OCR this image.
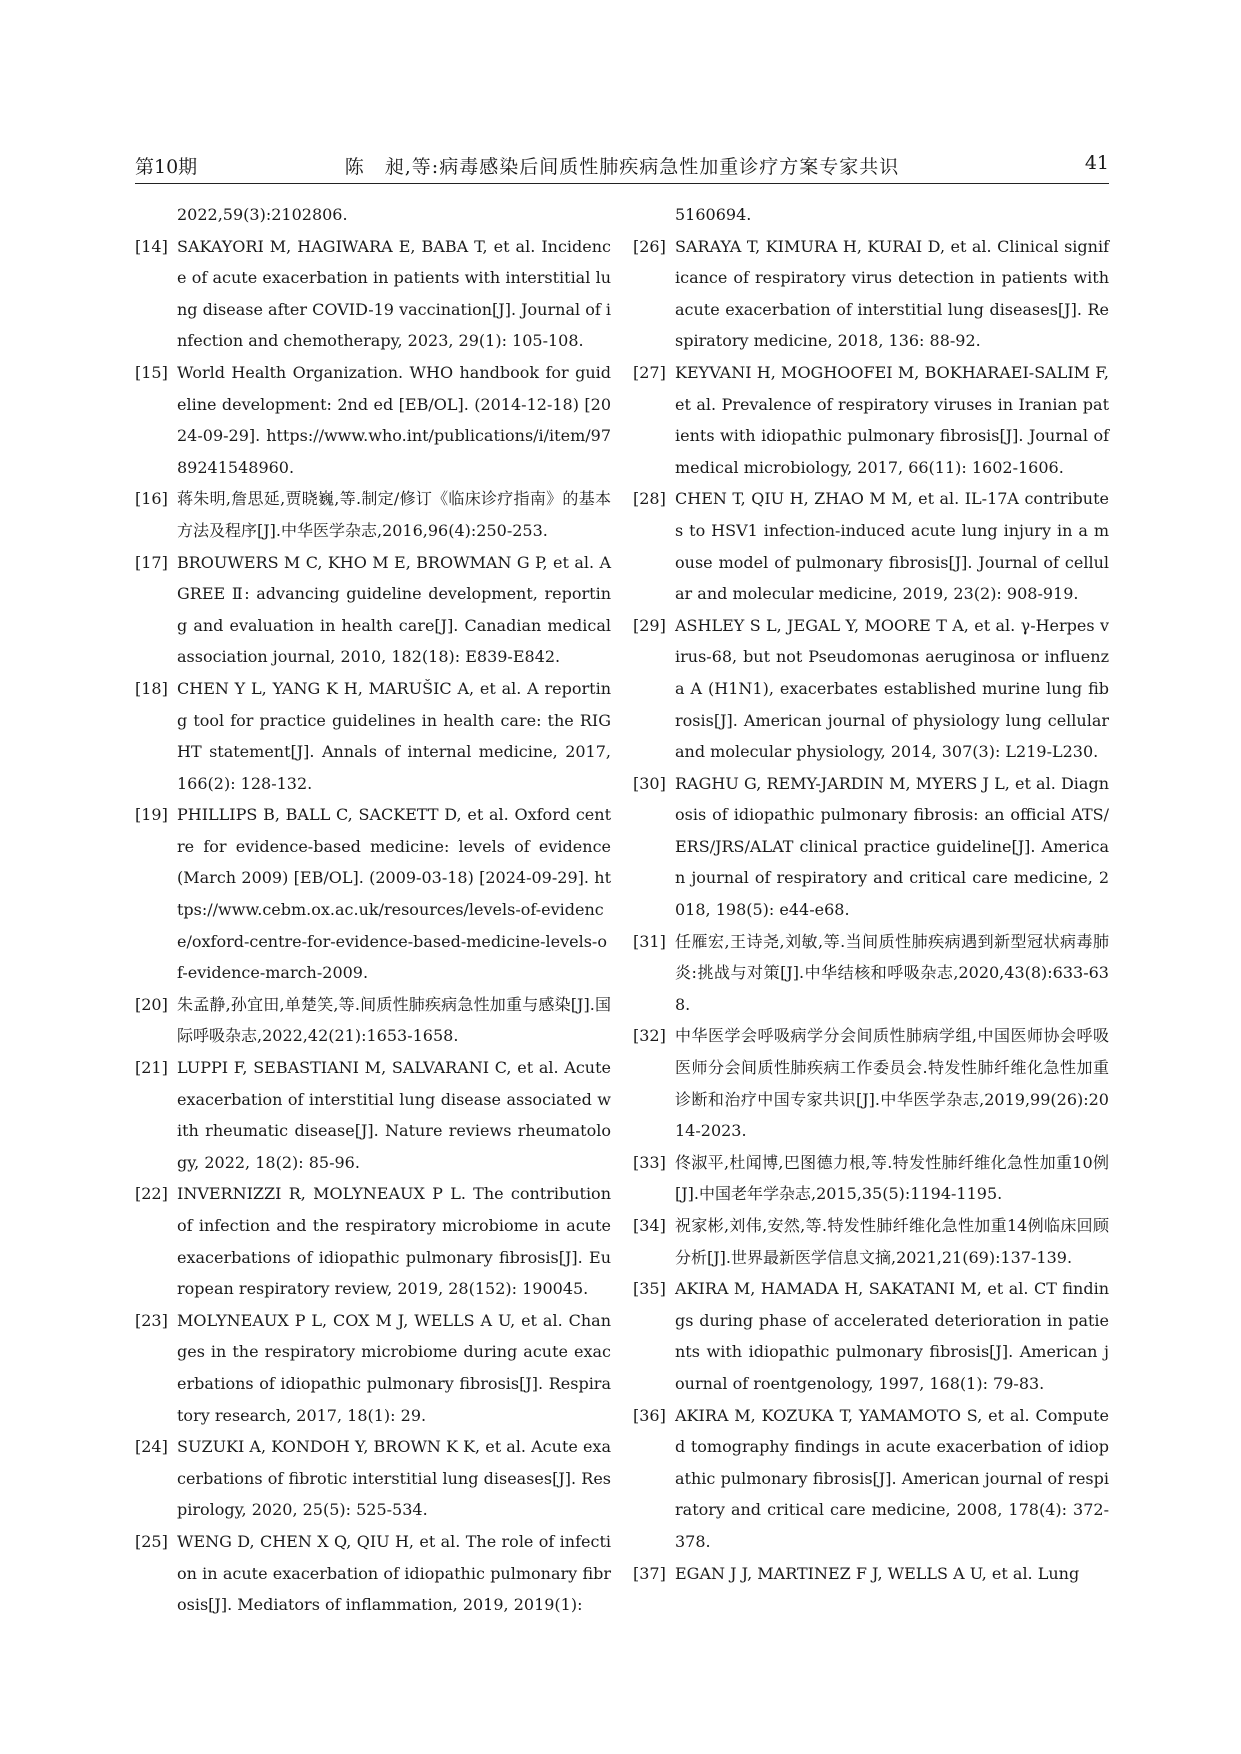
第10期	陈　昶,等:病毒感染后间质性肺疾病急性加重诊疗方案专家共识	41
2022,59(3):2102806.
[14] SAKAYORI M, HAGIWARA E, BABA T, et al. Incidence of acute exacerbation in patients with interstitial lung disease after COVID-19 vaccination[J]. Journal of infection and chemotherapy, 2023, 29(1): 105-108.
[15] World Health Organization. WHO handbook for guideline development: 2nd ed [EB/OL]. (2014-12-18) [2024-09-29]. https://www.who.int/publications/i/item/9789241548960.
[16] 蒋朱明,詹思延,贾晓巍,等.制定/修订《临床诊疗指南》的基本方法及程序[J].中华医学杂志,2016,96(4):250-253.
[17] BROUWERS M C, KHO M E, BROWMAN G P, et al. AGREE Ⅱ: advancing guideline development, reporting and evaluation in health care[J]. Canadian medical association journal, 2010, 182(18): E839-E842.
[18] CHEN Y L, YANG K H, MARUŠIC A, et al. A reporting tool for practice guidelines in health care: the RIGHT statement[J]. Annals of internal medicine, 2017, 166(2): 128-132.
[19] PHILLIPS B, BALL C, SACKETT D, et al. Oxford centre for evidence-based medicine: levels of evidence (March 2009) [EB/OL]. (2009-03-18) [2024-09-29]. https://www.cebm.ox.ac.uk/resources/levels-of-evidence/oxford-centre-for-evidence-based-medicine-levels-of-evidence-march-2009.
[20] 朱孟静,孙宜田,单楚笑,等.间质性肺疾病急性加重与感染[J].国际呼吸杂志,2022,42(21):1653-1658.
[21] LUPPI F, SEBASTIANI M, SALVARANI C, et al. Acute exacerbation of interstitial lung disease associated with rheumatic disease[J]. Nature reviews rheumatology, 2022, 18(2): 85-96.
[22] INVERNIZZI R, MOLYNEAUX P L. The contribution of infection and the respiratory microbiome in acute exacerbations of idiopathic pulmonary fibrosis[J]. European respiratory review, 2019, 28(152): 190045.
[23] MOLYNEAUX P L, COX M J, WELLS A U, et al. Changes in the respiratory microbiome during acute exacerbations of idiopathic pulmonary fibrosis[J]. Respiratory research, 2017, 18(1): 29.
[24] SUZUKI A, KONDOH Y, BROWN K K, et al. Acute exacerbations of fibrotic interstitial lung diseases[J]. Respirology, 2020, 25(5): 525-534.
[25] WENG D, CHEN X Q, QIU H, et al. The role of infection in acute exacerbation of idiopathic pulmonary fibrosis[J]. Mediators of inflammation, 2019, 2019(1):
5160694.
[26] SARAYA T, KIMURA H, KURAI D, et al. Clinical significance of respiratory virus detection in patients with acute exacerbation of interstitial lung diseases[J]. Respiratory medicine, 2018, 136: 88-92.
[27] KEYVANI H, MOGHOOFEI M, BOKHARAEI-SALIM F, et al. Prevalence of respiratory viruses in Iranian patients with idiopathic pulmonary fibrosis[J]. Journal of medical microbiology, 2017, 66(11): 1602-1606.
[28] CHEN T, QIU H, ZHAO M M, et al. IL-17A contributes to HSV1 infection-induced acute lung injury in a mouse model of pulmonary fibrosis[J]. Journal of cellular and molecular medicine, 2019, 23(2): 908-919.
[29] ASHLEY S L, JEGAL Y, MOORE T A, et al. γ-Herpes virus-68, but not Pseudomonas aeruginosa or influenza A (H1N1), exacerbates established murine lung fibrosis[J]. American journal of physiology lung cellular and molecular physiology, 2014, 307(3): L219-L230.
[30] RAGHU G, REMY-JARDIN M, MYERS J L, et al. Diagnosis of idiopathic pulmonary fibrosis: an official ATS/ERS/JRS/ALAT clinical practice guideline[J]. American journal of respiratory and critical care medicine, 2018, 198(5): e44-e68.
[31] 任雁宏,王诗尧,刘敏,等.当间质性肺疾病遇到新型冠状病毒肺炎:挑战与对策[J].中华结核和呼吸杂志,2020,43(8):633-638.
[32] 中华医学会呼吸病学分会间质性肺病学组,中国医师协会呼吸医师分会间质性肺疾病工作委员会.特发性肺纤维化急性加重诊断和治疗中国专家共识[J].中华医学杂志,2019,99(26):2014-2023.
[33] 佟淑平,杜闻博,巴图德力根,等.特发性肺纤维化急性加重10例[J].中国老年学杂志,2015,35(5):1194-1195.
[34] 祝家彬,刘伟,安然,等.特发性肺纤维化急性加重14例临床回顾分析[J].世界最新医学信息文摘,2021,21(69):137-139.
[35] AKIRA M, HAMADA H, SAKATANI M, et al. CT findings during phase of accelerated deterioration in patients with idiopathic pulmonary fibrosis[J]. American journal of roentgenology, 1997, 168(1): 79-83.
[36] AKIRA M, KOZUKA T, YAMAMOTO S, et al. Computed tomography findings in acute exacerbation of idiopathic pulmonary fibrosis[J]. American journal of respiratory and critical care medicine, 2008, 178(4): 372-378.
[37] EGAN J J, MARTINEZ F J, WELLS A U, et al. Lung
